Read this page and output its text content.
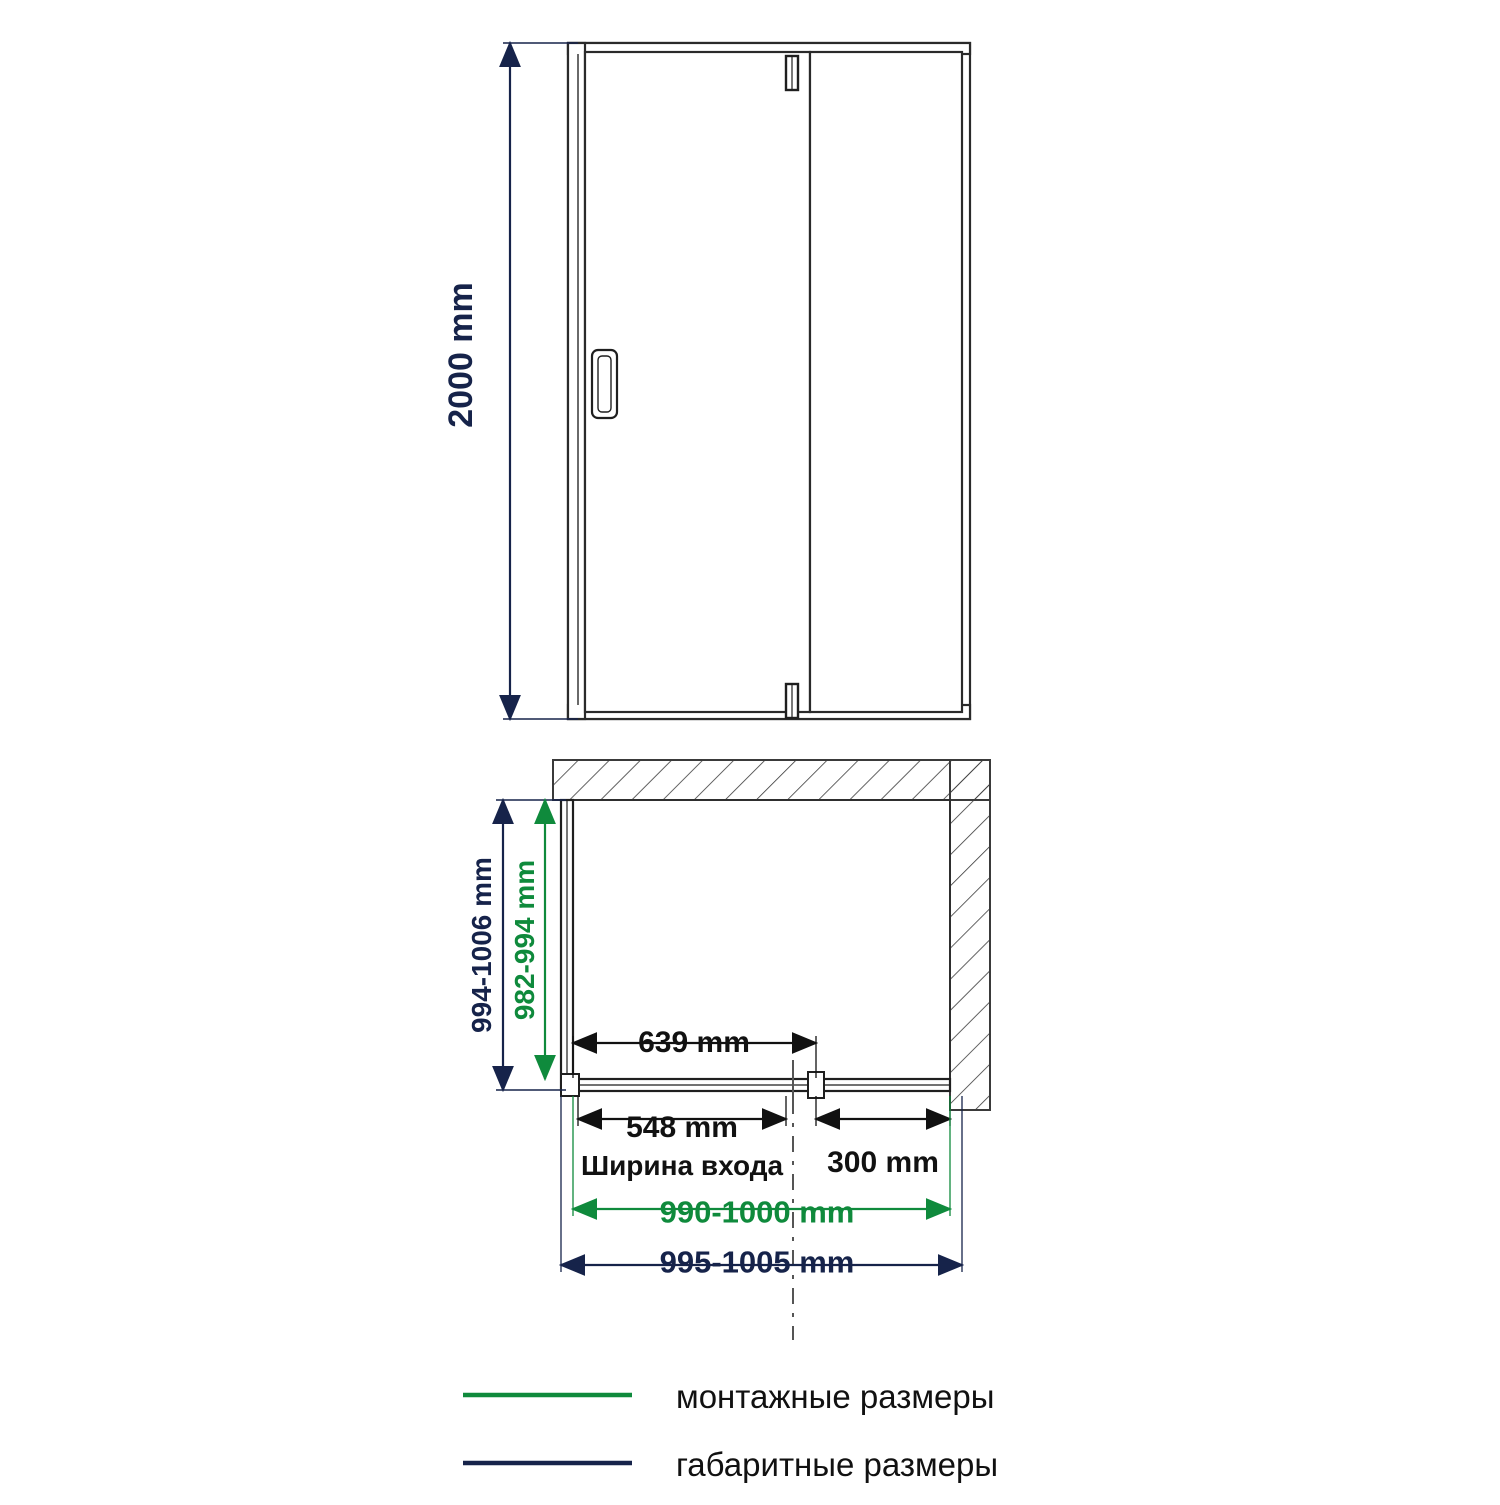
2000 mm
994-1006 mm 982-994 mm
639 mm
548 mm
Ширина входа 300 mm
990-1000 mm
995-1005 mm
монтажные размеры
габаритные размеры
